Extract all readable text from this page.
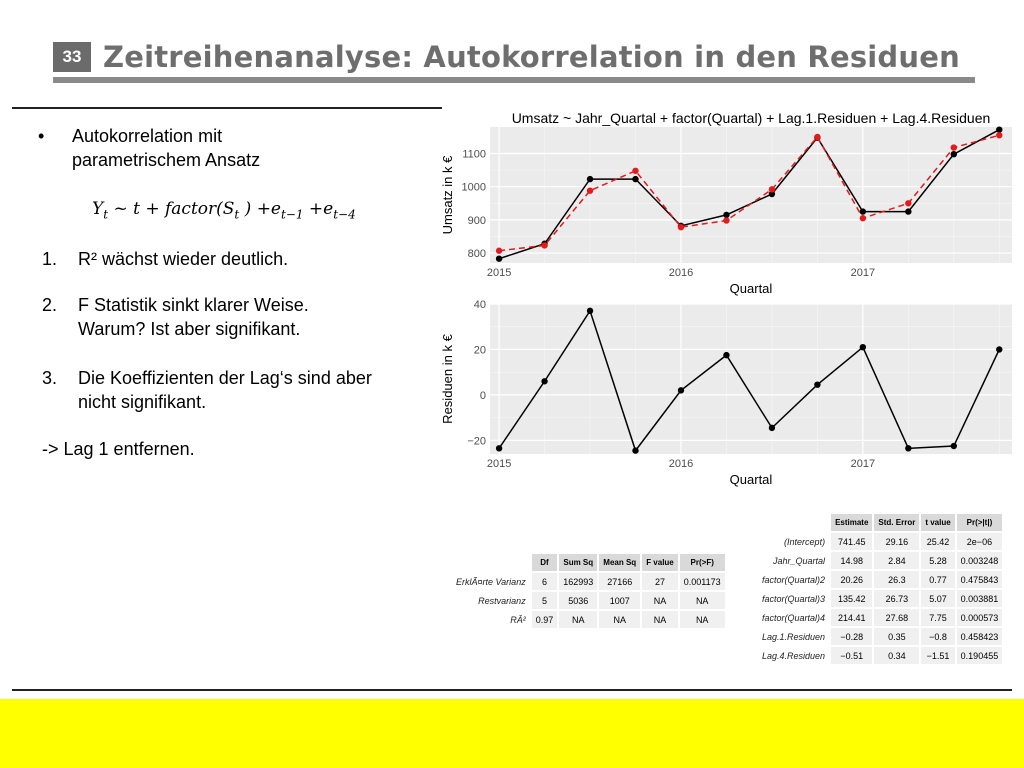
33 Zeitreihenanalyse: Autokorrelation in den Residuen
• Autokorrelation mit
parametrischem Ansatz
$Y_t$ ~ $t + factor(S_t$ ) $+e_{t-1} +e_{t-4}$
1.	R² wächst wieder deutlich.
2.	F Statistik sinkt klarer Weise. Warum? Ist aber signifikant.
3.	Die Koeffizienten der Lag‘s sind aber nicht signifikant.
-> Lag 1 entfernen.
Umsatz ~ Jahr_Quartal + factor(Quartal) + Lag.1.Residuen + Lag.4.Residuen
800
900
1000
1100
2015	2016	2017
Quartal
Umsatz in k €
−20
0
20
40
2015	2016	2017
Quartal
Residuen in k €
	Df	Sum Sq	Mean Sq	F value	Pr(>F)
ErklÃ¤rte Varianz	6	162993	27166	27	0.001173
Restvarianz	5	5036	1007	NA	NA
RÂ²	0.97	NA	NA	NA	NA
	Estimate	Std. Error	t value	Pr(>|t|)
(Intercept)	741.45	29.16	25.42	2e−06
Jahr_Quartal	14.98	2.84	5.28	0.003248
factor(Quartal)2	20.26	26.3	0.77	0.475843
factor(Quartal)3	135.42	26.73	5.07	0.003881
factor(Quartal)4	214.41	27.68	7.75	0.000573
Lag.1.Residuen	−0.28	0.35	−0.8	0.458423
Lag.4.Residuen	−0.51	0.34	−1.51	0.190455
